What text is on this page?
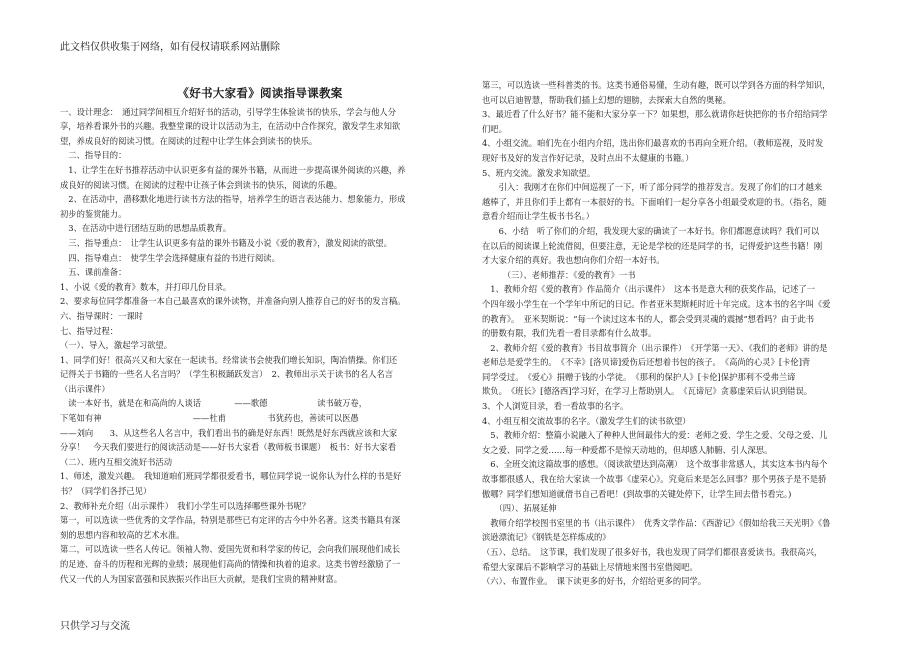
此文档仅供收集于网络，如有侵权请联系网站删除
《好书大家看》阅读指导课教案
一、设计理念：　通过同学间相互介绍好书的活动，引导学生体验读书的快乐，学会与他人分
享，培养看课外书的兴趣。我整堂课的设计以活动为主，在活动中合作探究，激发学生求知欲
望，养成良好的阅读习惯。在阅读的过程中让学生体会到读书的快乐。
　二、指导目的：
　1、让学生在好书推荐活动中认识更多有益的课外书籍，从而进一步提高课外阅读的兴趣，养
成良好的阅读习惯。在阅读的过程中让孩子体会到读书的快乐，阅读的乐趣。
　2、在活动中，潜移默化地进行读书方法的指导，培养学生的语言表达能力、想象能力，形成
初步的鉴赏能力。
　3、在活动中进行团结互助的思想品质教育。
　三、指导重点：　让学生认识更多有益的课外书籍及小说《爱的教育》，激发阅读的欲望。
　四、指导难点：　使学生学会选择健康有益的书进行阅读。
　五、课前准备：
1、小说《爱的教育》数本，并打印几份目录。
2、要求每位同学都准备一本自己最喜欢的课外读物，并准备向别人推荐自己的好书的发言稿。
六、指导课时：一课时
七、指导过程：
（一）、导入，激起学习欲望。
1、同学们好！很高兴又和大家在一起读书。经常读书会使我们增长知识，陶冶情操。你们还
记得关于书籍的一些名人名言吗？（学生积极踊跃发言）　2、教师出示关于读书的名人名言
（出示课件）
　读一本好书，就是在和高尚的人谈话　　　　——歌德　　　　　　读书破万卷，
下笔如有神　　　　　　　　　　　——杜甫　　　　　书犹药也，善读可以医愚
——刘向　　3、从这些名人名言中，我们看出书的确是好东西！既然是好东西就应该和大家
分享！　今天我们要进行的阅读活动是——好书大家看（教师板书课题）　板书：好书大家看
（二）、班内互相交流好书活动
1、师述，激发兴趣。　我知道咱们班同学都很爱看书，哪位同学说一说你认为什么样的书是好
书？（同学们各抒己见）
2、教师补充介绍（出示课件）　我们小学生可以选择哪些课外书呢？
第一，可以选读一些优秀的文学作品，特别是那些已有定评的古今中外名著。这类书籍具有深
刻的思想内容和较高的艺术水准。
第二，可以选读一些名人传记。领袖人物、爱国先贤和科学家的传记，会向我们展现他们成长
的足迹、奋斗的历程和光辉的业绩；展现他们高尚的情操和执着的追求。这类书曾经激励了一
代又一代的人为国家富强和民族振兴作出巨大贡献，是我们宝贵的精神财富。
第三，可以选读一些科普类的书。这类书通俗易懂，生动有趣，既可以学到各方面的科学知识，
也可以启迪智慧，帮助我们插上幻想的翅膀，去探索大自然的奥秘。
3、最近看了什么好书？能不能和大家分享一下？如果想，那么就请你赶快把你的书介绍给同学
们吧。
4、小组交流。咱们先在小组内介绍，选出你们最喜欢的书再向全班介绍。（教师巡视，及时发
现好书及好的发言作好记录，及时点出不太健康的书籍。）
5、班内交流。激发求知欲望。
　　引入：我刚才在你们中间巡视了一下，听了部分同学的推荐发言。发现了你们的口才越来
越棒了，并且你们手上都有一本很好的书。下面咱们一起分享各小组最受欢迎的书。（指名，随
意看介绍而让学生板书书名。）
　　6、小结　听了你们的介绍，我发现大家的确读了一本好书。你们都愿意读吗？我们可以
在以后的阅读课上轮流借阅，但要注意，无论是学校的还是同学的书，记得爱护这些书籍！刚
才大家介绍的真好。我也想向你们介绍一本好书。
　　　（三）、老师推荐：《爱的教育》一书
　1、教师介绍《爱的教育》作品简介（出示课件）　这本书是意大利的获奖作品，记述了一
个四年级小学生在一个学年中所记的日记。作者亚米契斯耗时近十年完成。这本书的名字叫《爱
的教育》。　亚米契斯说：“每一个读过这本书的人，都会受到灵魂的震撼”想看吗？由于此书
的册数有限，我们先看一看目录都有什么故事。
　2、教师介绍《爱的教育》书目故事简介（出示课件）　《开学第一天》、《我们的老师》讲的是
老师总是爱学生的。　《不幸》[洛贝谛]爱伤后还想着书包的孩子。　《高尚的心灵》[卡伦]背
同学受过。　《爱心》捐赠于钱的小学徒。　《那利的保护人》[卡伦]保护那利不受弗兰谛
欺负。　《班长》[德洛西]学习好，在学习上帮助别人。　《瓦谛尼》贪慕虚荣后认识到错误。
3、个人浏览目录，看一看故事的名字。
4、小组互相交流故事的名字。（激发学生们的读书欲望）
　5、教师介绍：整篇小说融入了种种人世间最伟大的爱：老师之爱、学生之爱、父母之爱、儿
女之爱、同学之爱……每一种爱都不是惊天动地的，但却感人肺腑、引人深思。
　6、全班交流这篇故事的感想。（阅读欲望达到高潮）　这个故事非常感人，其实这本书内每个
故事都很感人，我在给大家读一个故事《虚荣心》。究竟后来是怎么回事？那个男孩子是不是骄
傲哪？同学们想知道就借书自己看吧！(到故事的关键处停下，让学生回去借书看完。)
　　（四）、拓展延伸
　教师介绍学校图书室里的书（出示课件）　优秀文学作品：《西游记》《假如给我三天光明》《鲁
滨逊漂流记》《钢铁是怎样炼成的》
（五）、总结。　这节课，我们发现了很多好书，我也发现了同学们都很喜爱读书。我很高兴，
希望大家课后不影响学习的基础上尽情地来图书室借阅吧。
（六）、布置作业。　课下读更多的好书，介绍给更多的同学。
只供学习与交流
